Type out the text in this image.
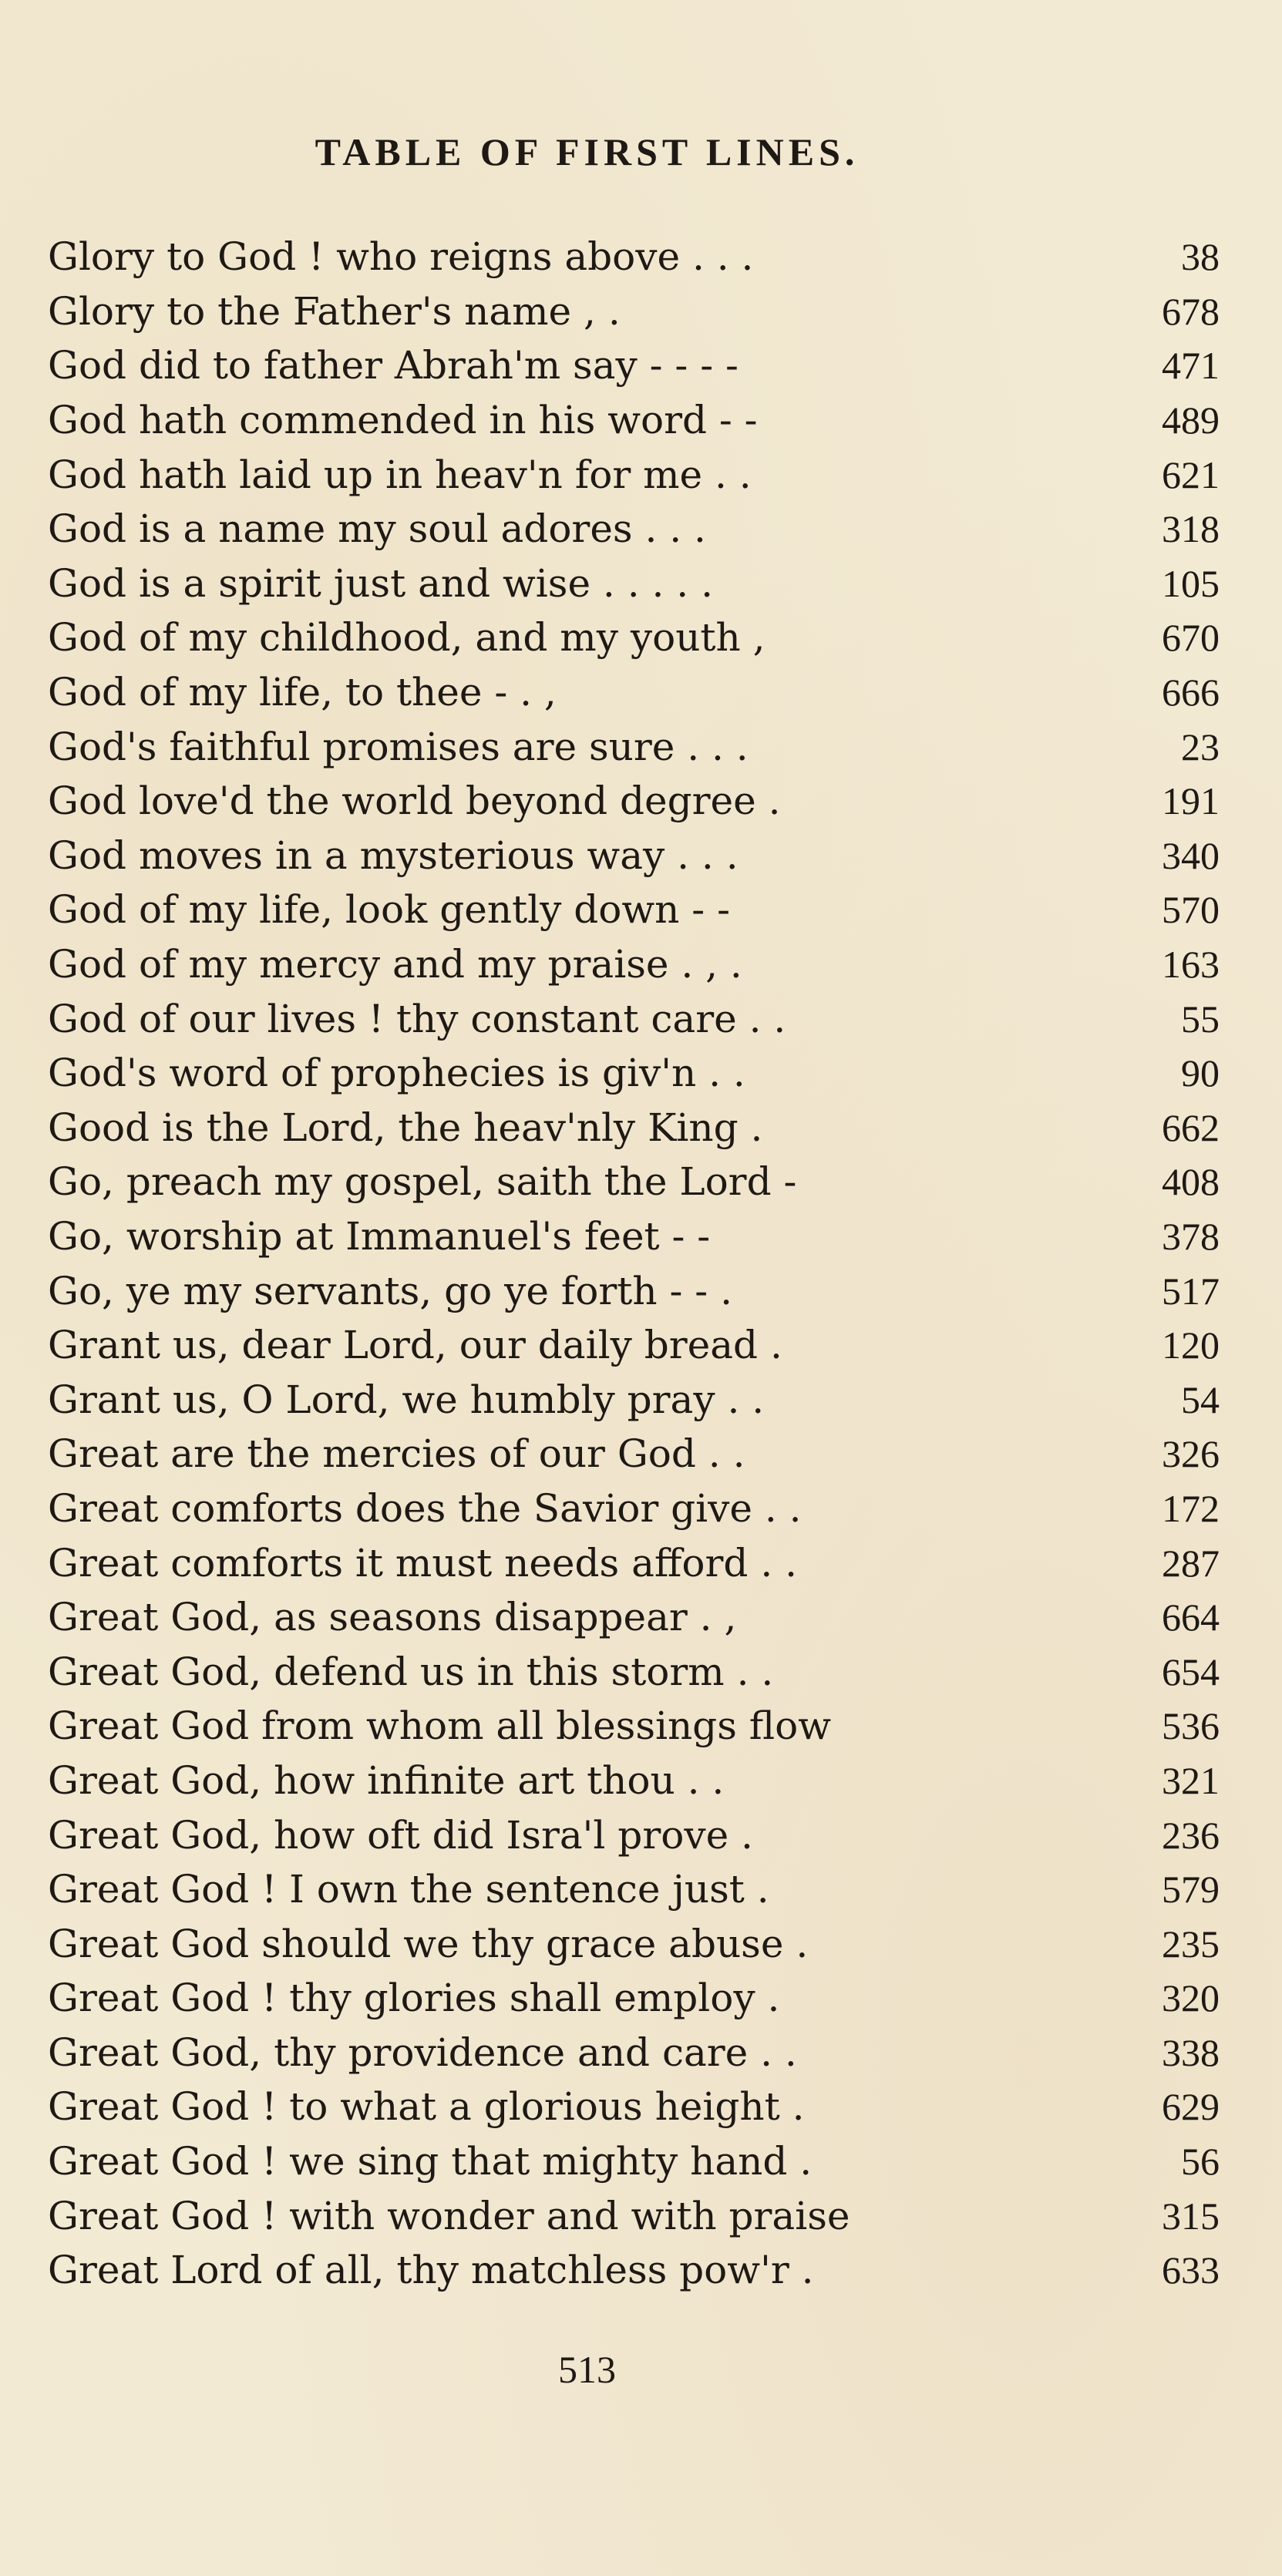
TABLE OF FIRST LINES.
Glory to God ! who reigns above . . .	38
Glory to the Father's name , .	678
God did to father Abrah'm say - - - -	471
God hath commended in his word - -	489
God hath laid up in heav'n for me . .	621
God is a name my soul adores . . .	318
God is a spirit just and wise . . . . .	105
God of my childhood, and my youth ,	670
God of my life, to thee - . ,	666
God's faithful promises are sure . . .	23
God love'd the world beyond degree .	191
God moves in a mysterious way . . .	340
God of my life, look gently down - -	570
God of my mercy and my praise . , .	163
God of our lives ! thy constant care . .	55
God's word of prophecies is giv'n . .	90
Good is the Lord, the heav'nly King .	662
Go, preach my gospel, saith the Lord -	408
Go, worship at Immanuel's feet - -	378
Go, ye my servants, go ye forth - - .	517
Grant us, dear Lord, our daily bread .	120
Grant us, O Lord, we humbly pray . .	54
Great are the mercies of our God . .	326
Great comforts does the Savior give . .	172
Great comforts it must needs afford . .	287
Great God, as seasons disappear . ,	664
Great God, defend us in this storm . .	654
Great God from whom all blessings flow	536
Great God, how infinite art thou . .	321
Great God, how oft did Isra'l prove .	236
Great God ! I own the sentence just .	579
Great God should we thy grace abuse .	235
Great God ! thy glories shall employ .	320
Great God, thy providence and care . .	338
Great God ! to what a glorious height .	629
Great God ! we sing that mighty hand .	56
Great God ! with wonder and with praise	315
Great Lord of all, thy matchless pow'r .	633
513
